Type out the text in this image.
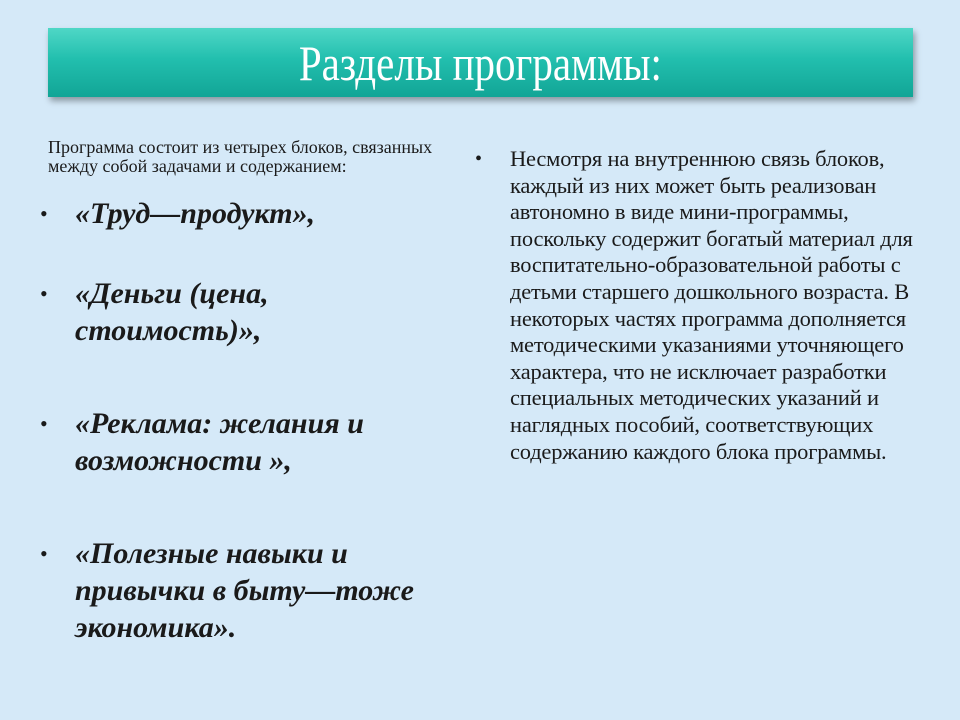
Разделы программы:
Программа состоит из четырех блоков, связанных между собой задачами и содержанием:
• «Труд—продукт»,
• «Деньги (цена, стоимость)»,
• «Реклама: желания и возможности »,
• «Полезные навыки и привычки в быту—тоже экономика».
• Несмотря на внутреннюю связь блоков, каждый из них может быть реализован автономно в виде мини-программы, поскольку содержит богатый материал для воспитательно-образовательной работы с детьми старшего дошкольного возраста. В некоторых частях программа дополняется методическими указаниями уточняющего характера, что не исключает разработки специальных методических указаний и наглядных пособий, соответствующих содержанию каждого блока программы.
